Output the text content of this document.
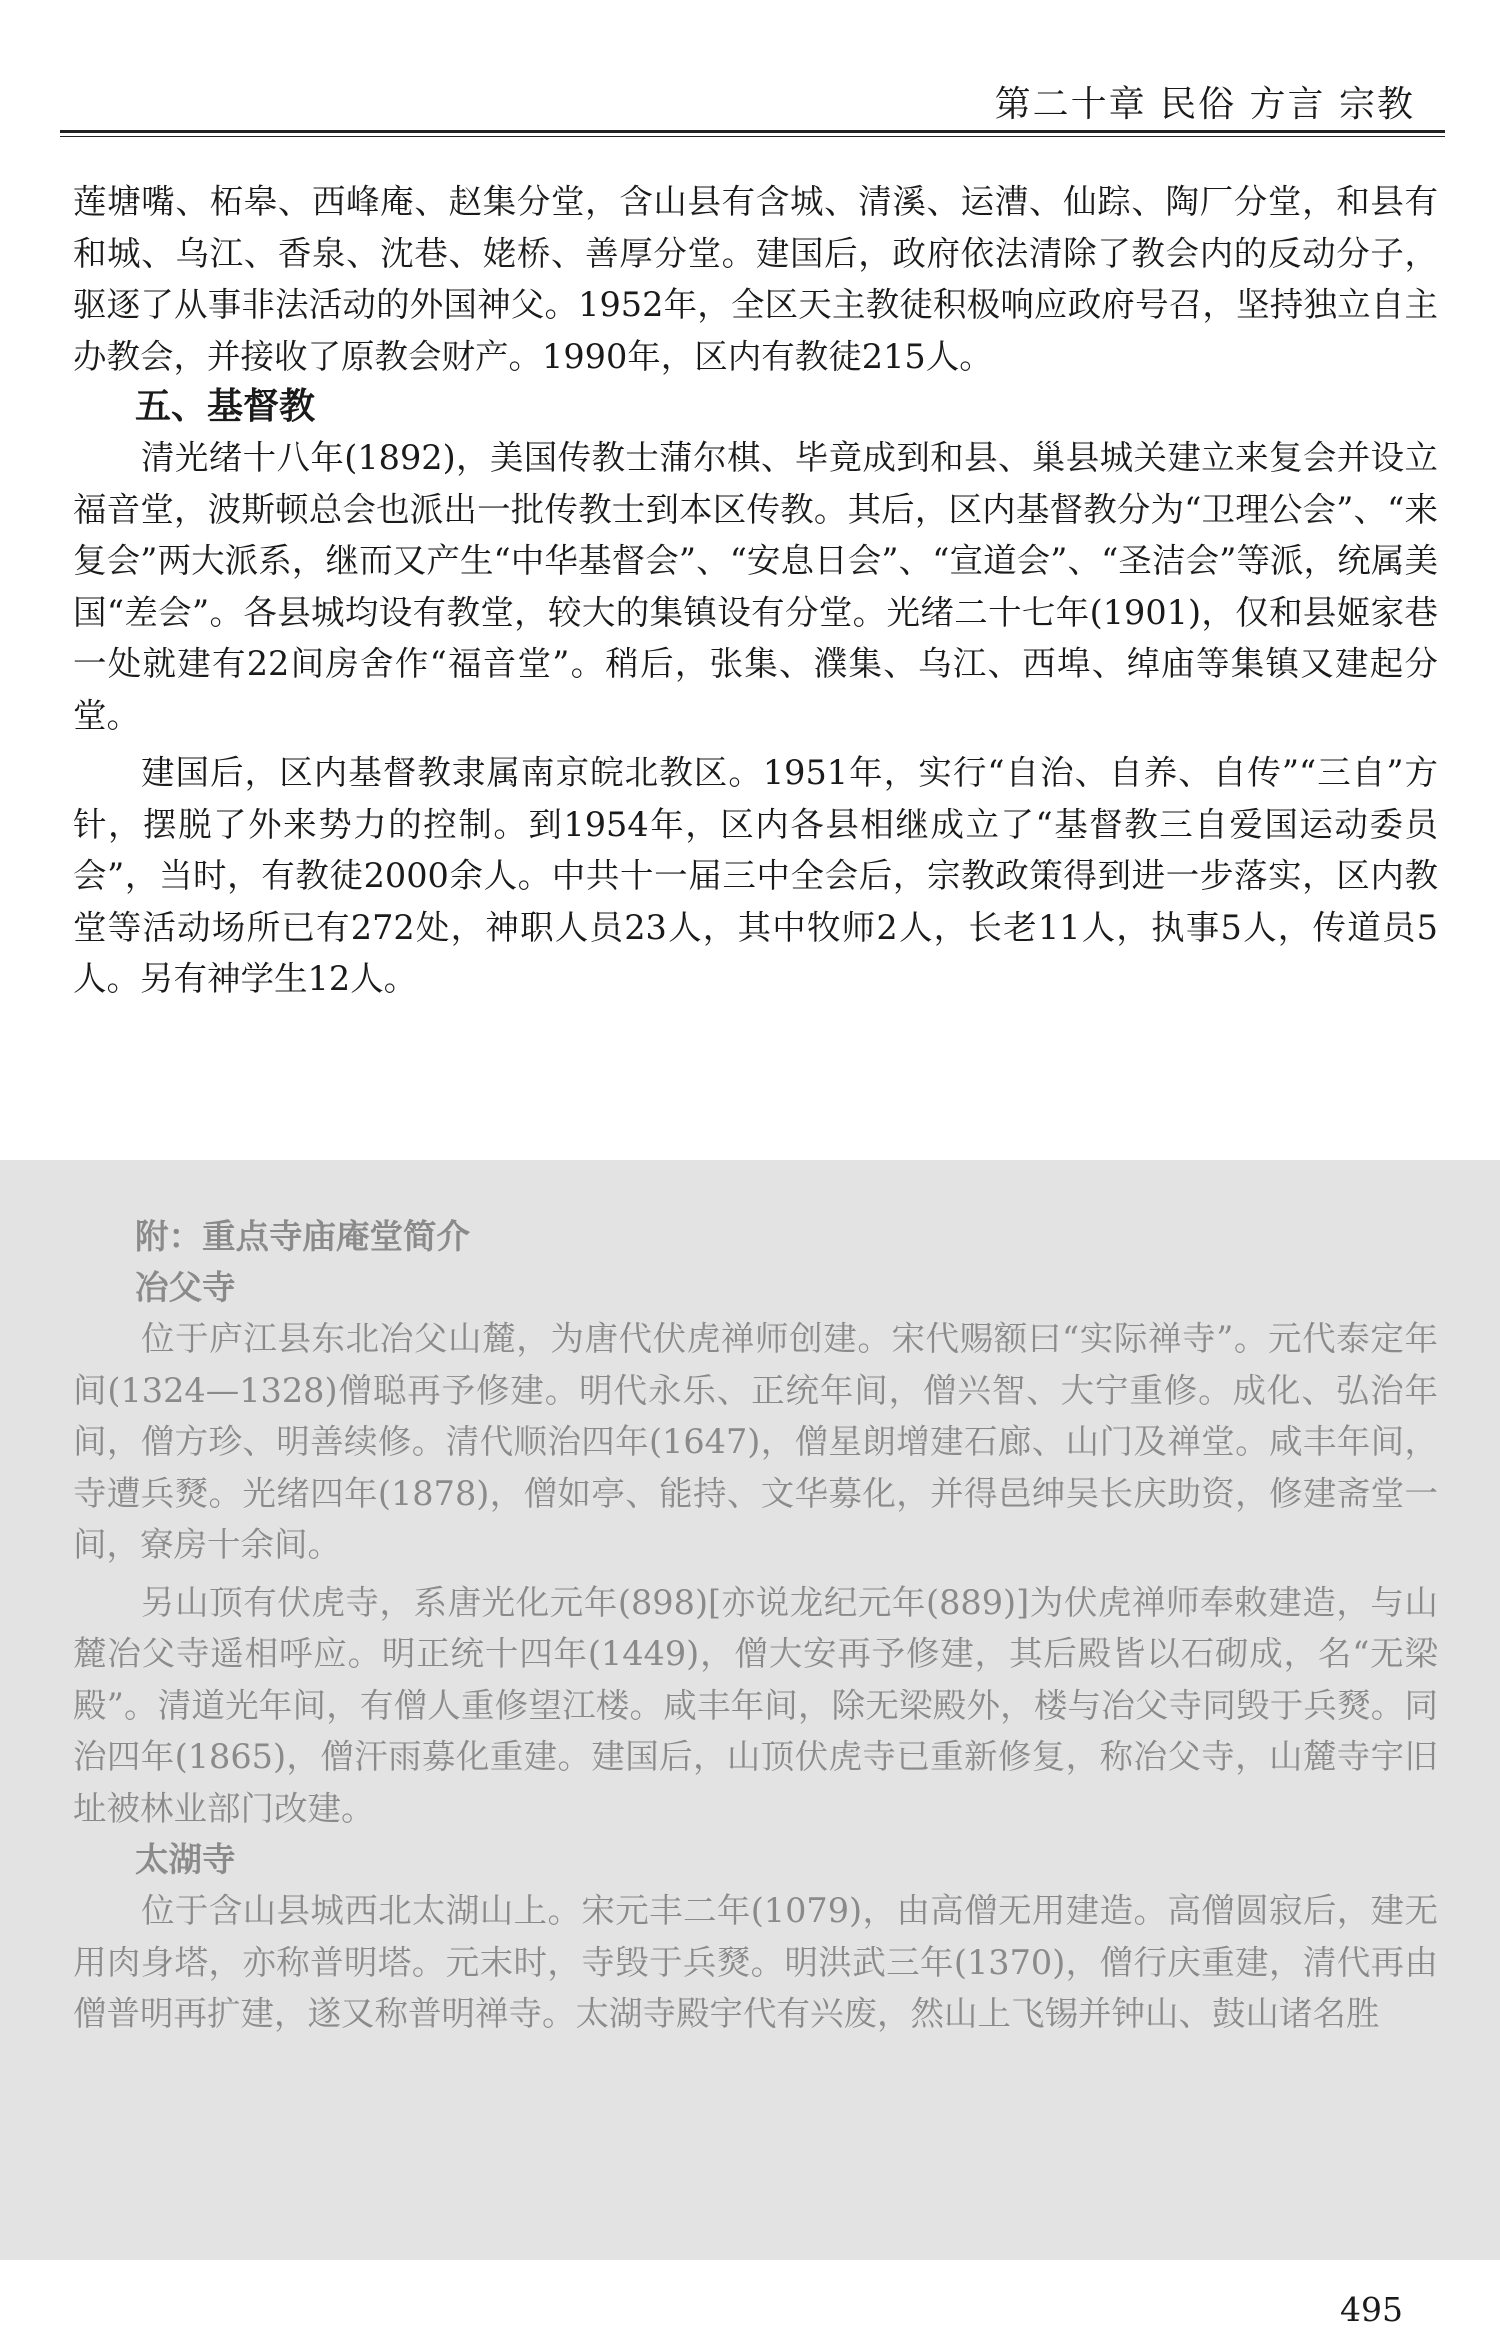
第二十章 民俗 方言 宗教

莲塘嘴、柘皋、西峰庵、赵集分堂，含山县有含城、清溪、运漕、仙踪、陶厂分堂，和县有和城、乌江、香泉、沈巷、姥桥、善厚分堂。建国后，政府依法清除了教会内的反动分子，驱逐了从事非法活动的外国神父。1952年，全区天主教徒积极响应政府号召，坚持独立自主办教会，并接收了原教会财产。1990年，区内有教徒215人。

五、基督教

清光绪十八年(1892)，美国传教士蒲尔棋、毕竟成到和县、巢县城关建立来复会并设立福音堂，波斯顿总会也派出一批传教士到本区传教。其后，区内基督教分为“卫理公会”、“来复会”两大派系，继而又产生“中华基督会”、“安息日会”、“宣道会”、“圣洁会”等派，统属美国“差会”。各县城均设有教堂，较大的集镇设有分堂。光绪二十七年(1901)，仅和县姬家巷一处就建有22间房舍作“福音堂”。稍后，张集、濮集、乌江、西埠、绰庙等集镇又建起分堂。

建国后，区内基督教隶属南京皖北教区。1951年，实行“自治、自养、自传”“三自”方针，摆脱了外来势力的控制。到1954年，区内各县相继成立了“基督教三自爱国运动委员会”，当时，有教徒2000余人。中共十一届三中全会后，宗教政策得到进一步落实，区内教堂等活动场所已有272处，神职人员23人，其中牧师2人，长老11人，执事5人，传道员5人。另有神学生12人。

附：重点寺庙庵堂简介
冶父寺

位于庐江县东北冶父山麓，为唐代伏虎禅师创建。宋代赐额曰“实际禅寺”。元代泰定年间(1324—1328)僧聪再予修建。明代永乐、正统年间，僧兴智、大宁重修。成化、弘治年间，僧方珍、明善续修。清代顺治四年(1647)，僧星朗增建石廊、山门及禅堂。咸丰年间，寺遭兵燹。光绪四年(1878)，僧如亭、能持、文华募化，并得邑绅吴长庆助资，修建斋堂一间，寮房十余间。

另山顶有伏虎寺，系唐光化元年(898)[亦说龙纪元年(889)]为伏虎禅师奉敕建造，与山麓冶父寺遥相呼应。明正统十四年(1449)，僧大安再予修建，其后殿皆以石砌成，名“无梁殿”。清道光年间，有僧人重修望江楼。咸丰年间，除无梁殿外，楼与冶父寺同毁于兵燹。同治四年(1865)，僧汗雨募化重建。建国后，山顶伏虎寺已重新修复，称冶父寺，山麓寺宇旧址被林业部门改建。

太湖寺

位于含山县城西北太湖山上。宋元丰二年(1079)，由高僧无用建造。高僧圆寂后，建无用肉身塔，亦称普明塔。元末时，寺毁于兵燹。明洪武三年(1370)，僧行庆重建，清代再由僧普明再扩建，遂又称普明禅寺。太湖寺殿宇代有兴废，然山上飞锡并钟山、鼓山诸名胜

495
